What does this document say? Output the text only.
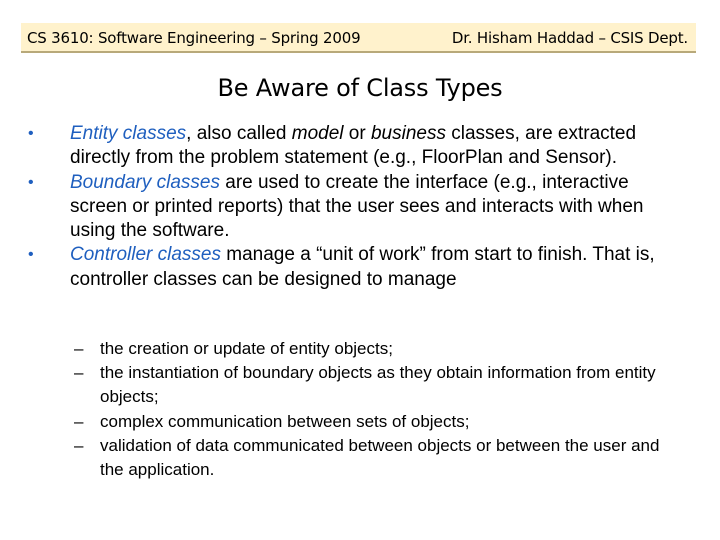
CS 3610: Software Engineering – Spring 2009	Dr. Hisham Haddad – CSIS Dept.
Be Aware of Class Types
• Entity classes, also called model or business classes, are extracted directly from the problem statement (e.g., FloorPlan and Sensor).
• Boundary classes are used to create the interface (e.g., interactive screen or printed reports) that the user sees and interacts with when using the software.
• Controller classes manage a “unit of work” from start to finish. That is, controller classes can be designed to manage
– the creation or update of entity objects;
– the instantiation of boundary objects as they obtain information from entity objects;
– complex communication between sets of objects;
– validation of data communicated between objects or between the user and the application.
